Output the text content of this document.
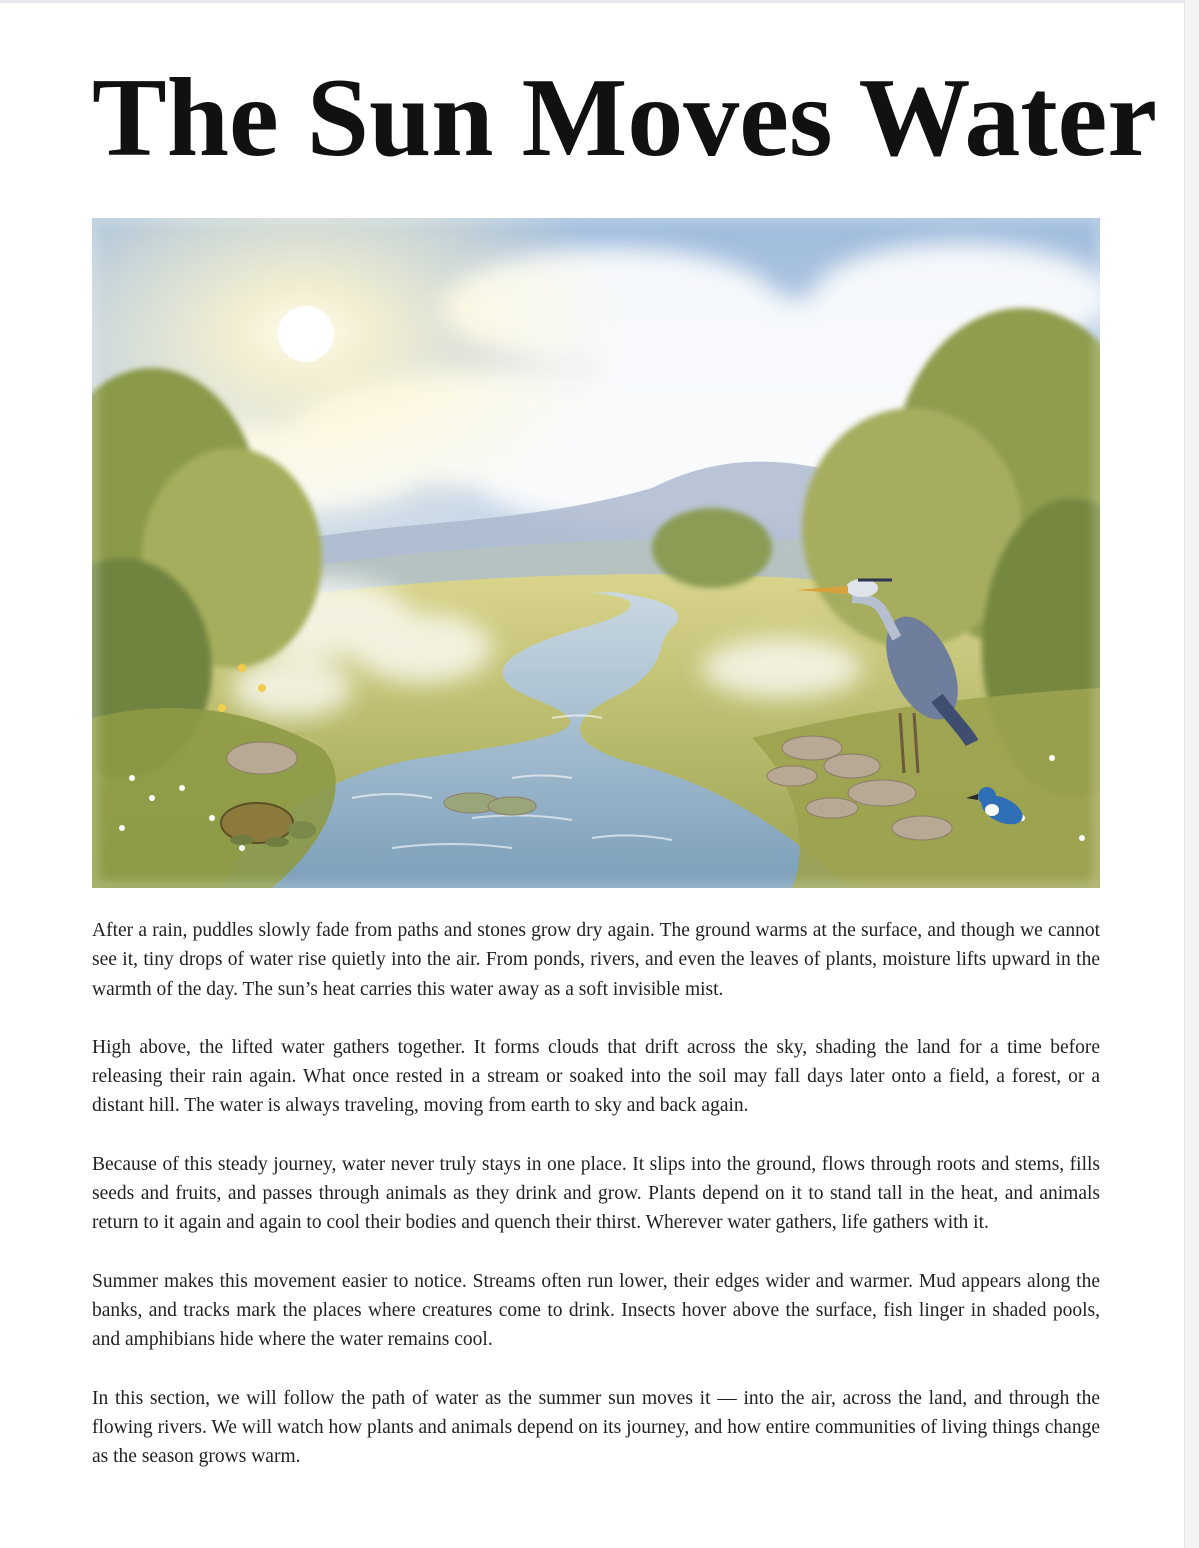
The Sun Moves Water

After a rain, puddles slowly fade from paths and stones grow dry again. The ground warms at the surface, and though we cannot see it, tiny drops of water rise quietly into the air. From ponds, rivers, and even the leaves of plants, moisture lifts upward in the warmth of the day. The sun’s heat carries this water away as a soft invisible mist.

High above, the lifted water gathers together. It forms clouds that drift across the sky, shading the land for a time before releasing their rain again. What once rested in a stream or soaked into the soil may fall days later onto a field, a forest, or a distant hill. The water is always traveling, moving from earth to sky and back again.

Because of this steady journey, water never truly stays in one place. It slips into the ground, flows through roots and stems, fills seeds and fruits, and passes through animals as they drink and grow. Plants depend on it to stand tall in the heat, and animals return to it again and again to cool their bodies and quench their thirst. Wherever water gathers, life gathers with it.

Summer makes this movement easier to notice. Streams often run lower, their edges wider and warmer. Mud appears along the banks, and tracks mark the places where creatures come to drink. Insects hover above the surface, fish linger in shaded pools, and amphibians hide where the water remains cool.

In this section, we will follow the path of water as the summer sun moves it — into the air, across the land, and through the flowing rivers. We will watch how plants and animals depend on its journey, and how entire communities of living things change as the season grows warm.
